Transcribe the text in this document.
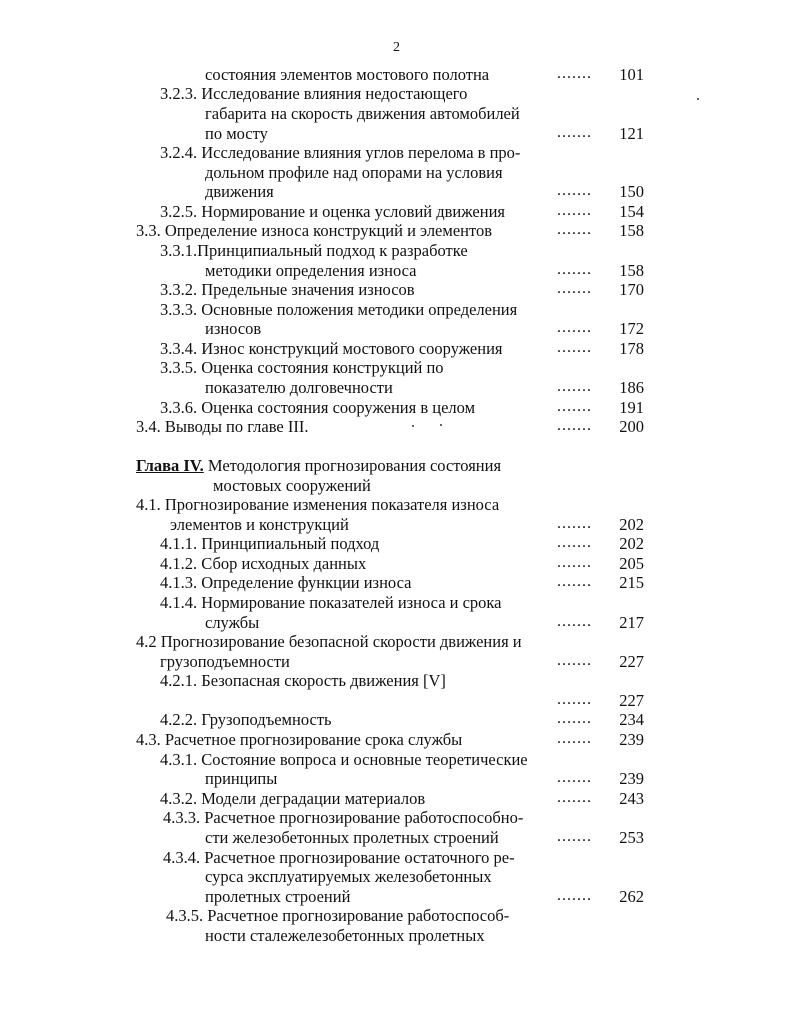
2
состояния элементов мостового полотна
3.2.3. Исследование влияния недостающего
габарита на скорость движения автомобилей
по мосту
3.2.4. Исследование влияния углов перелома в про-
дольном профиле над опорами на условия
движения
3.2.5. Нормирование и оценка условий движения
3.3. Определение износа конструкций и элементов
3.3.1.Принципиальный подход к разработке
методики определения износа
3.3.2. Предельные значения износов
3.3.3. Основные положения методики определения
износов
3.3.4. Износ конструкций мостового сооружения
3.3.5. Оценка состояния конструкций по
показателю долговечности
3.3.6. Оценка состояния сооружения в целом
3.4. Выводы по главе III.
Глава IV. Методология прогнозирования состояния
мостовых сооружений
4.1. Прогнозирование изменения показателя износа
элементов и конструкций
4.1.1. Принципиальный подход
4.1.2. Сбор исходных данных
4.1.3. Определение функции износа
4.1.4. Нормирование показателей износа и срока
службы
4.2 Прогнозирование безопасной скорости движения и
грузоподъемности
4.2.1. Безопасная скорость движения [V]
4.2.2. Грузоподъемность
4.3. Расчетное прогнозирование срока службы
4.3.1. Состояние вопроса и основные теоретические
принципы
4.3.2. Модели деградации материалов
4.3.3. Расчетное прогнозирование работоспособно-
сти железобетонных пролетных строений
4.3.4. Расчетное прогнозирование остаточного ре-
сурса эксплуатируемых железобетонных
пролетных строений
4.3.5. Расчетное прогнозирование работоспособ-
ности сталежелезобетонных пролетных
.......
.......
.......
.......
.......
.......
.......
.......
.......
.......
.......
.......
.......
.......
.......
.......
.......
.......
.......
.......
.......
.......
.......
.......
.......
101
121
150
154
158
158
170
172
178
186
191
200
202
202
205
215
217
227
227
234
239
239
243
253
262
